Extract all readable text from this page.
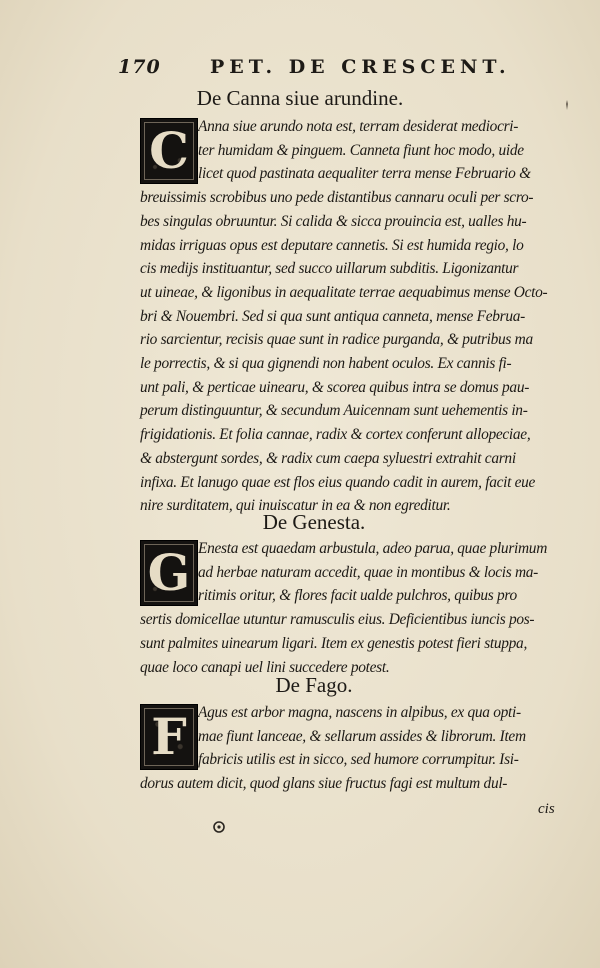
170	PET. DE CRESCENT.
De Canna siue arundine.
C Anna siue arundo nota est, terram desiderat mediocri-
ter humidam & pinguem. Canneta fiunt hoc modo, uide
licet quod pastinata aequaliter terra mense Februario &
breuissimis scrobibus uno pede distantibus cannaru oculi per scro-
bes singulas obruuntur. Si calida & sicca prouincia est, ualles hu-
midas irriguas opus est deputare cannetis. Si est humida regio, lo
cis medijs instituantur, sed succo uillarum subditis. Ligonizantur
ut uineae, & ligonibus in aequalitate terrae aequabimus mense Octo-
bri & Nouembri. Sed si qua sunt antiqua canneta, mense Februa-
rio sarcientur, recisis quae sunt in radice purganda, & putribus ma
le porrectis, & si qua gignendi non habent oculos. Ex cannis fi-
unt pali, & perticae uinearu, & scorea quibus intra se domus pau-
perum distinguuntur, & secundum Auicennam sunt uehementis in-
frigidationis. Et folia cannae, radix & cortex conferunt allopeciae,
& abstergunt sordes, & radix cum caepa syluestri extrahit carni
infixa. Et lanugo quae est flos eius quando cadit in aurem, facit eue
nire surditatem, qui inuiscatur in ea & non egreditur.
De Genesta.
G Enesta est quaedam arbustula, adeo parua, quae plurimum
ad herbae naturam accedit, quae in montibus & locis ma-
ritimis oritur, & flores facit ualde pulchros, quibus pro
sertis domicellae utuntur ramusculis eius. Deficientibus iuncis pos-
sunt palmites uinearum ligari. Item ex genestis potest fieri stuppa,
quae loco canapi uel lini succedere potest.
De Fago.
F Agus est arbor magna, nascens in alpibus, ex qua opti-
mae fiunt lanceae, & sellarum assides & librorum. Item
fabricis utilis est in sicco, sed humore corrumpitur. Isi-
dorus autem dicit, quod glans siue fructus fagi est multum dul-
cis
